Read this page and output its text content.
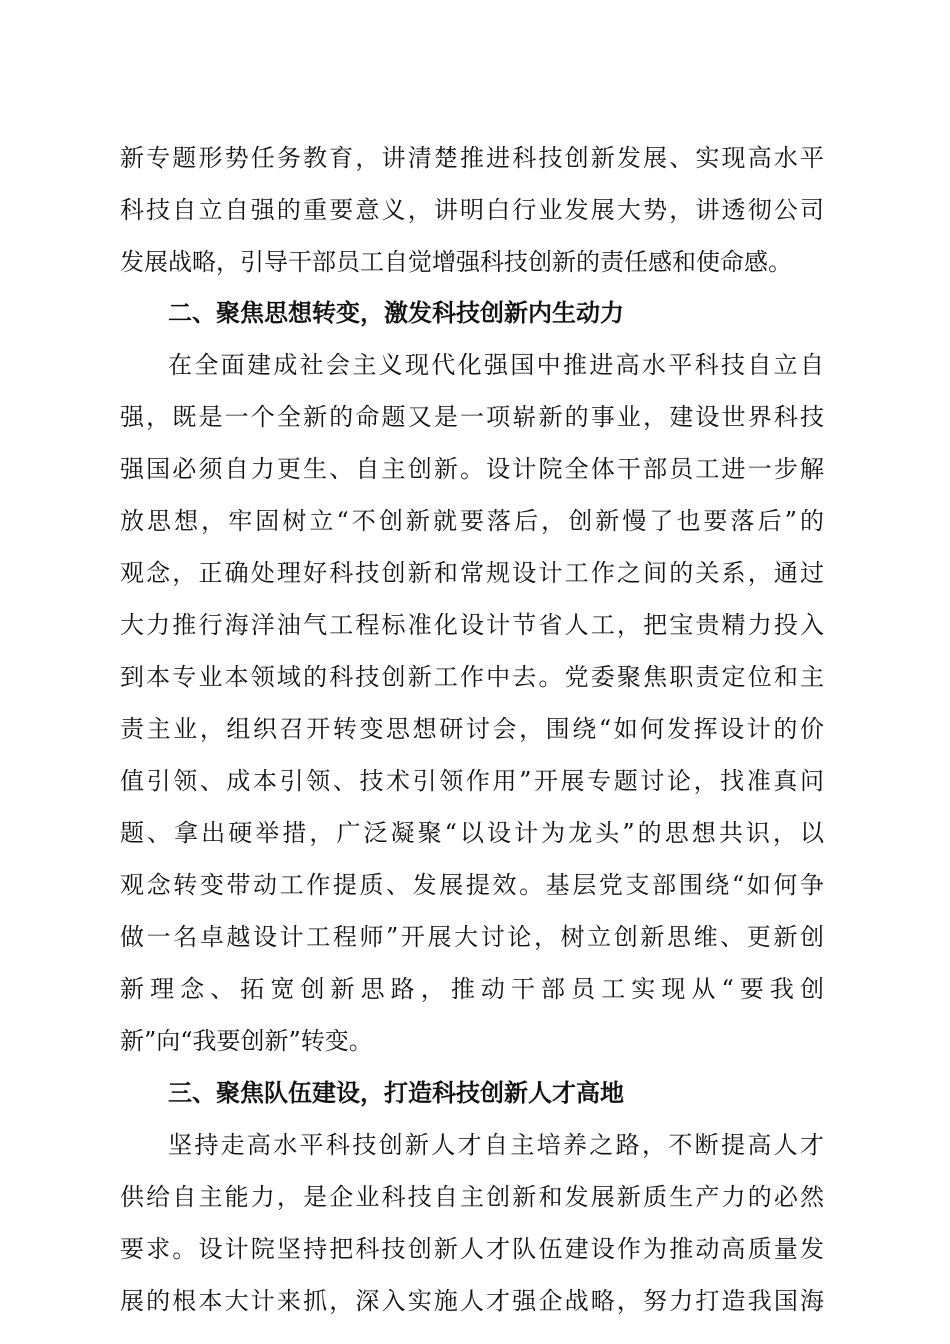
新专题形势任务教育，讲清楚推进科技创新发展、实现高水平
科技自立自强的重要意义，讲明白行业发展大势，讲透彻公司
发展战略，引导干部员工自觉增强科技创新的责任感和使命感。
二、聚焦思想转变，激发科技创新内生动力
在全面建成社会主义现代化强国中推进高水平科技自立自
强，既是一个全新的命题又是一项崭新的事业，建设世界科技
强国必须自力更生、自主创新。设计院全体干部员工进一步解
放思想，牢固树立“不创新就要落后，创新慢了也要落后”的
观念，正确处理好科技创新和常规设计工作之间的关系，通过
大力推行海洋油气工程标准化设计节省人工，把宝贵精力投入
到本专业本领域的科技创新工作中去。党委聚焦职责定位和主
责主业，组织召开转变思想研讨会，围绕“如何发挥设计的价
值引领、成本引领、技术引领作用”开展专题讨论，找准真问
题、拿出硬举措，广泛凝聚“以设计为龙头”的思想共识，以
观念转变带动工作提质、发展提效。基层党支部围绕“如何争
做一名卓越设计工程师”开展大讨论，树立创新思维、更新创
新理念、拓宽创新思路，推动干部员工实现从“要我创
新”向“我要创新”转变。
三、聚焦队伍建设，打造科技创新人才高地
坚持走高水平科技创新人才自主培养之路，不断提高人才
供给自主能力，是企业科技自主创新和发展新质生产力的必然
要求。设计院坚持把科技创新人才队伍建设作为推动高质量发
展的根本大计来抓，深入实施人才强企战略，努力打造我国海
